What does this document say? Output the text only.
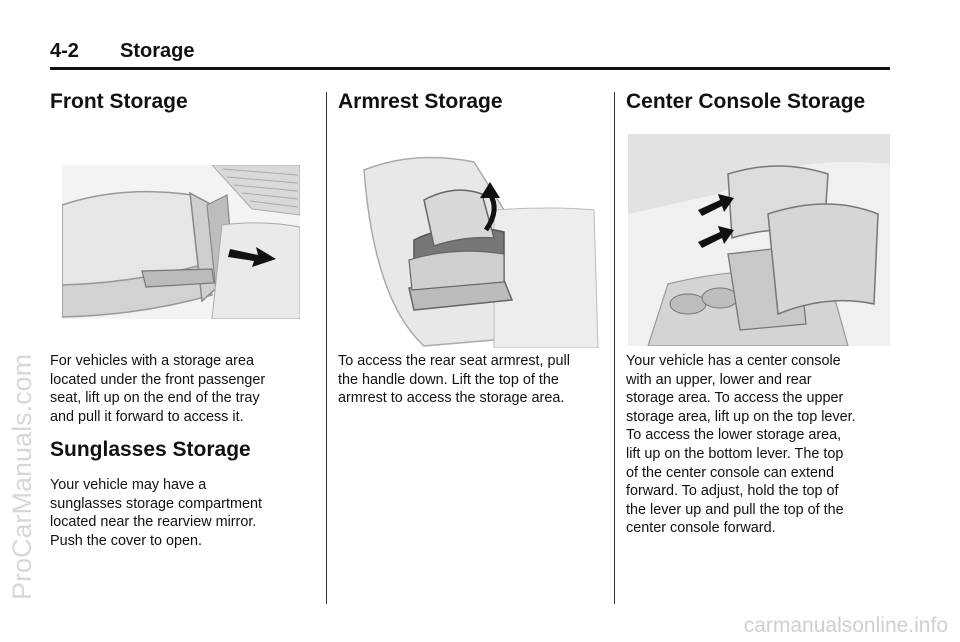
4-2 Storage
Front Storage

For vehicles with a storage area

located under the front passenger

seat, lift up on the end of the tray

and pull it forward to access it.

Sunglasses Storage

Your vehicle may have a

sunglasses storage compartment

located near the rearview mirror.

Push the cover to open.

Armrest Storage

To access the rear seat armrest, pull

the handle down. Lift the top of the

armrest to access the storage area.

Center Console Storage

Your vehicle has a center console

with an upper, lower and rear

storage area. To access the upper

storage area, lift up on the top lever.

To access the lower storage area,

lift up on the bottom lever. The top

of the center console can extend

forward. To adjust, hold the top of

the lever up and pull the top of the

center console forward.

ProCarManuals.com
carmanualsonline.info
